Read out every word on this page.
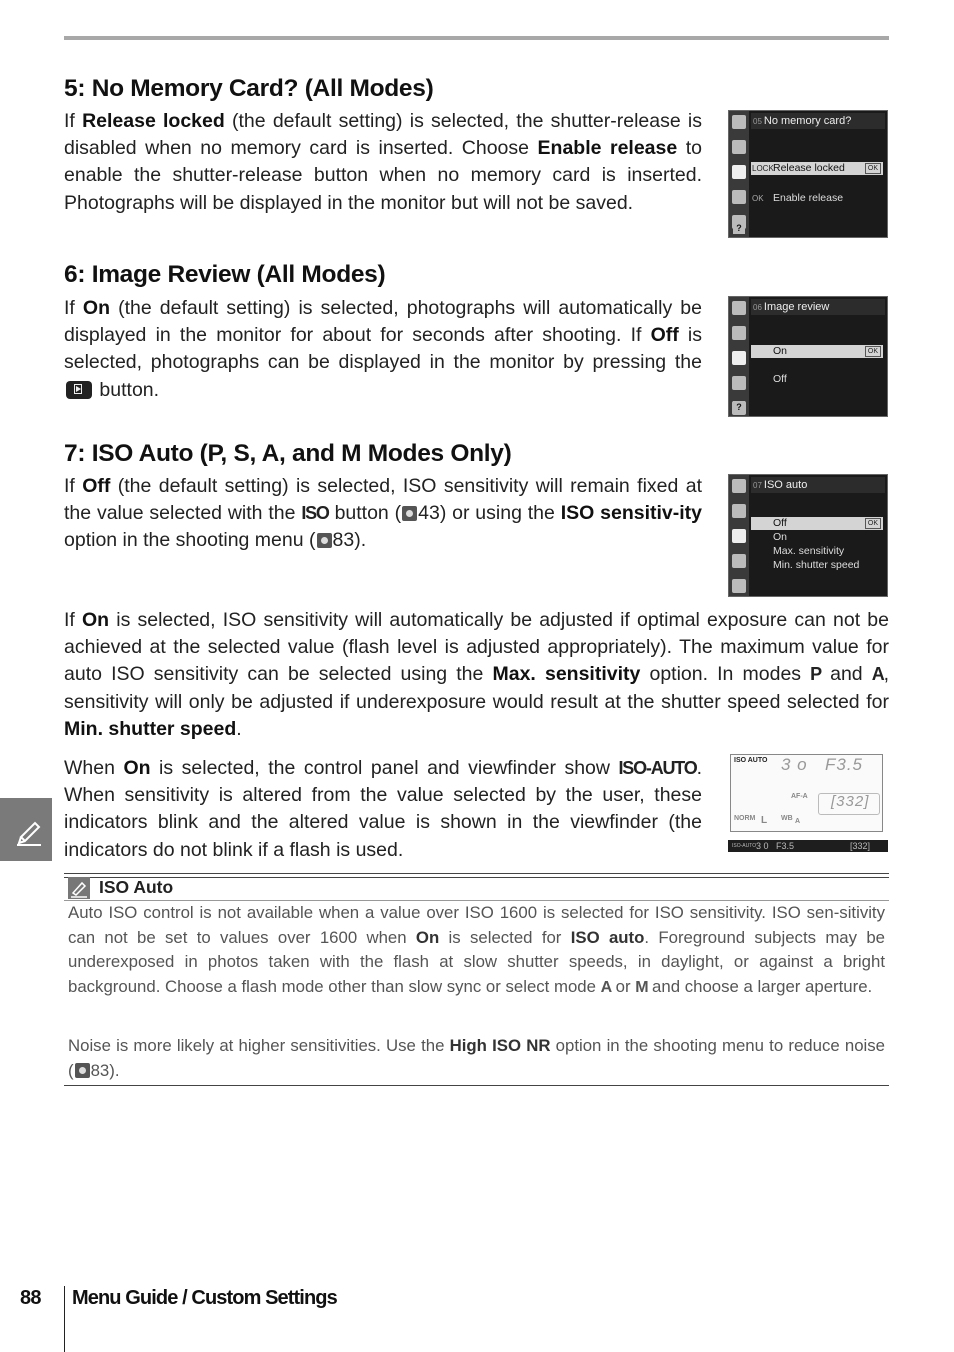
5: No Memory Card? (All Modes)

If Release locked (the default setting) is selected, the shutter-release is disabled when no memory card is inserted. Choose Enable release to enable the shutter-release button when no memory card is inserted. Photographs will be displayed in the monitor but will not be saved.

05 No memory card?
LOCK Release locked	OK
OK Enable release
?
6: Image Review (All Modes)

If On (the default setting) is selected, photographs will automatically be displayed in the monitor for about for seconds after shooting. If Off is selected, photographs can be displayed in the monitor by pressing the  button.

06 Image review
On	OK
Off
?
7: ISO Auto (P, S, A, and M Modes Only)

If Off (the default setting) is selected, ISO sensitivity will remain fixed at the value selected with the ISO button ( 43) or using the ISO sensitiv-ity option in the shooting menu ( 83).

07 ISO auto
Off	OK
On
Max. sensitivity
Min. shutter speed

If On is selected, ISO sensitivity will automatically be adjusted if optimal exposure can not be achieved at the selected value (flash level is adjusted appropriately). The maximum value for auto ISO sensitivity can be selected using the Max. sensitivity option. In modes P and A, sensitivity will only be adjusted if underexposure would result at the shutter speed selected for Min. shutter speed.

When On is selected, the control panel and viewfinder show ISO-AUTO. When sensitivity is altered from the value selected by the user, these indicators blink and the altered value is shown in the viewfinder (the indicators do not blink if a flash is used.

ISO AUTO 3 o F3.5
AF-A [332]
NORM L WB A
ISO-AUTO 3 0 F3.5	[332]
ISO Auto

Auto ISO control is not available when a value over ISO 1600 is selected for ISO sensitivity. ISO sen-sitivity can not be set to values over 1600 when On is selected for ISO auto. Foreground subjects may be underexposed in photos taken with the flash at slow shutter speeds, in daylight, or against a bright background. Choose a flash mode other than slow sync or select mode A or M and choose a larger aperture.

Noise is more likely at higher sensitivities. Use the High ISO NR option in the shooting menu to reduce noise ( 83).

88 Menu Guide / Custom Settings
